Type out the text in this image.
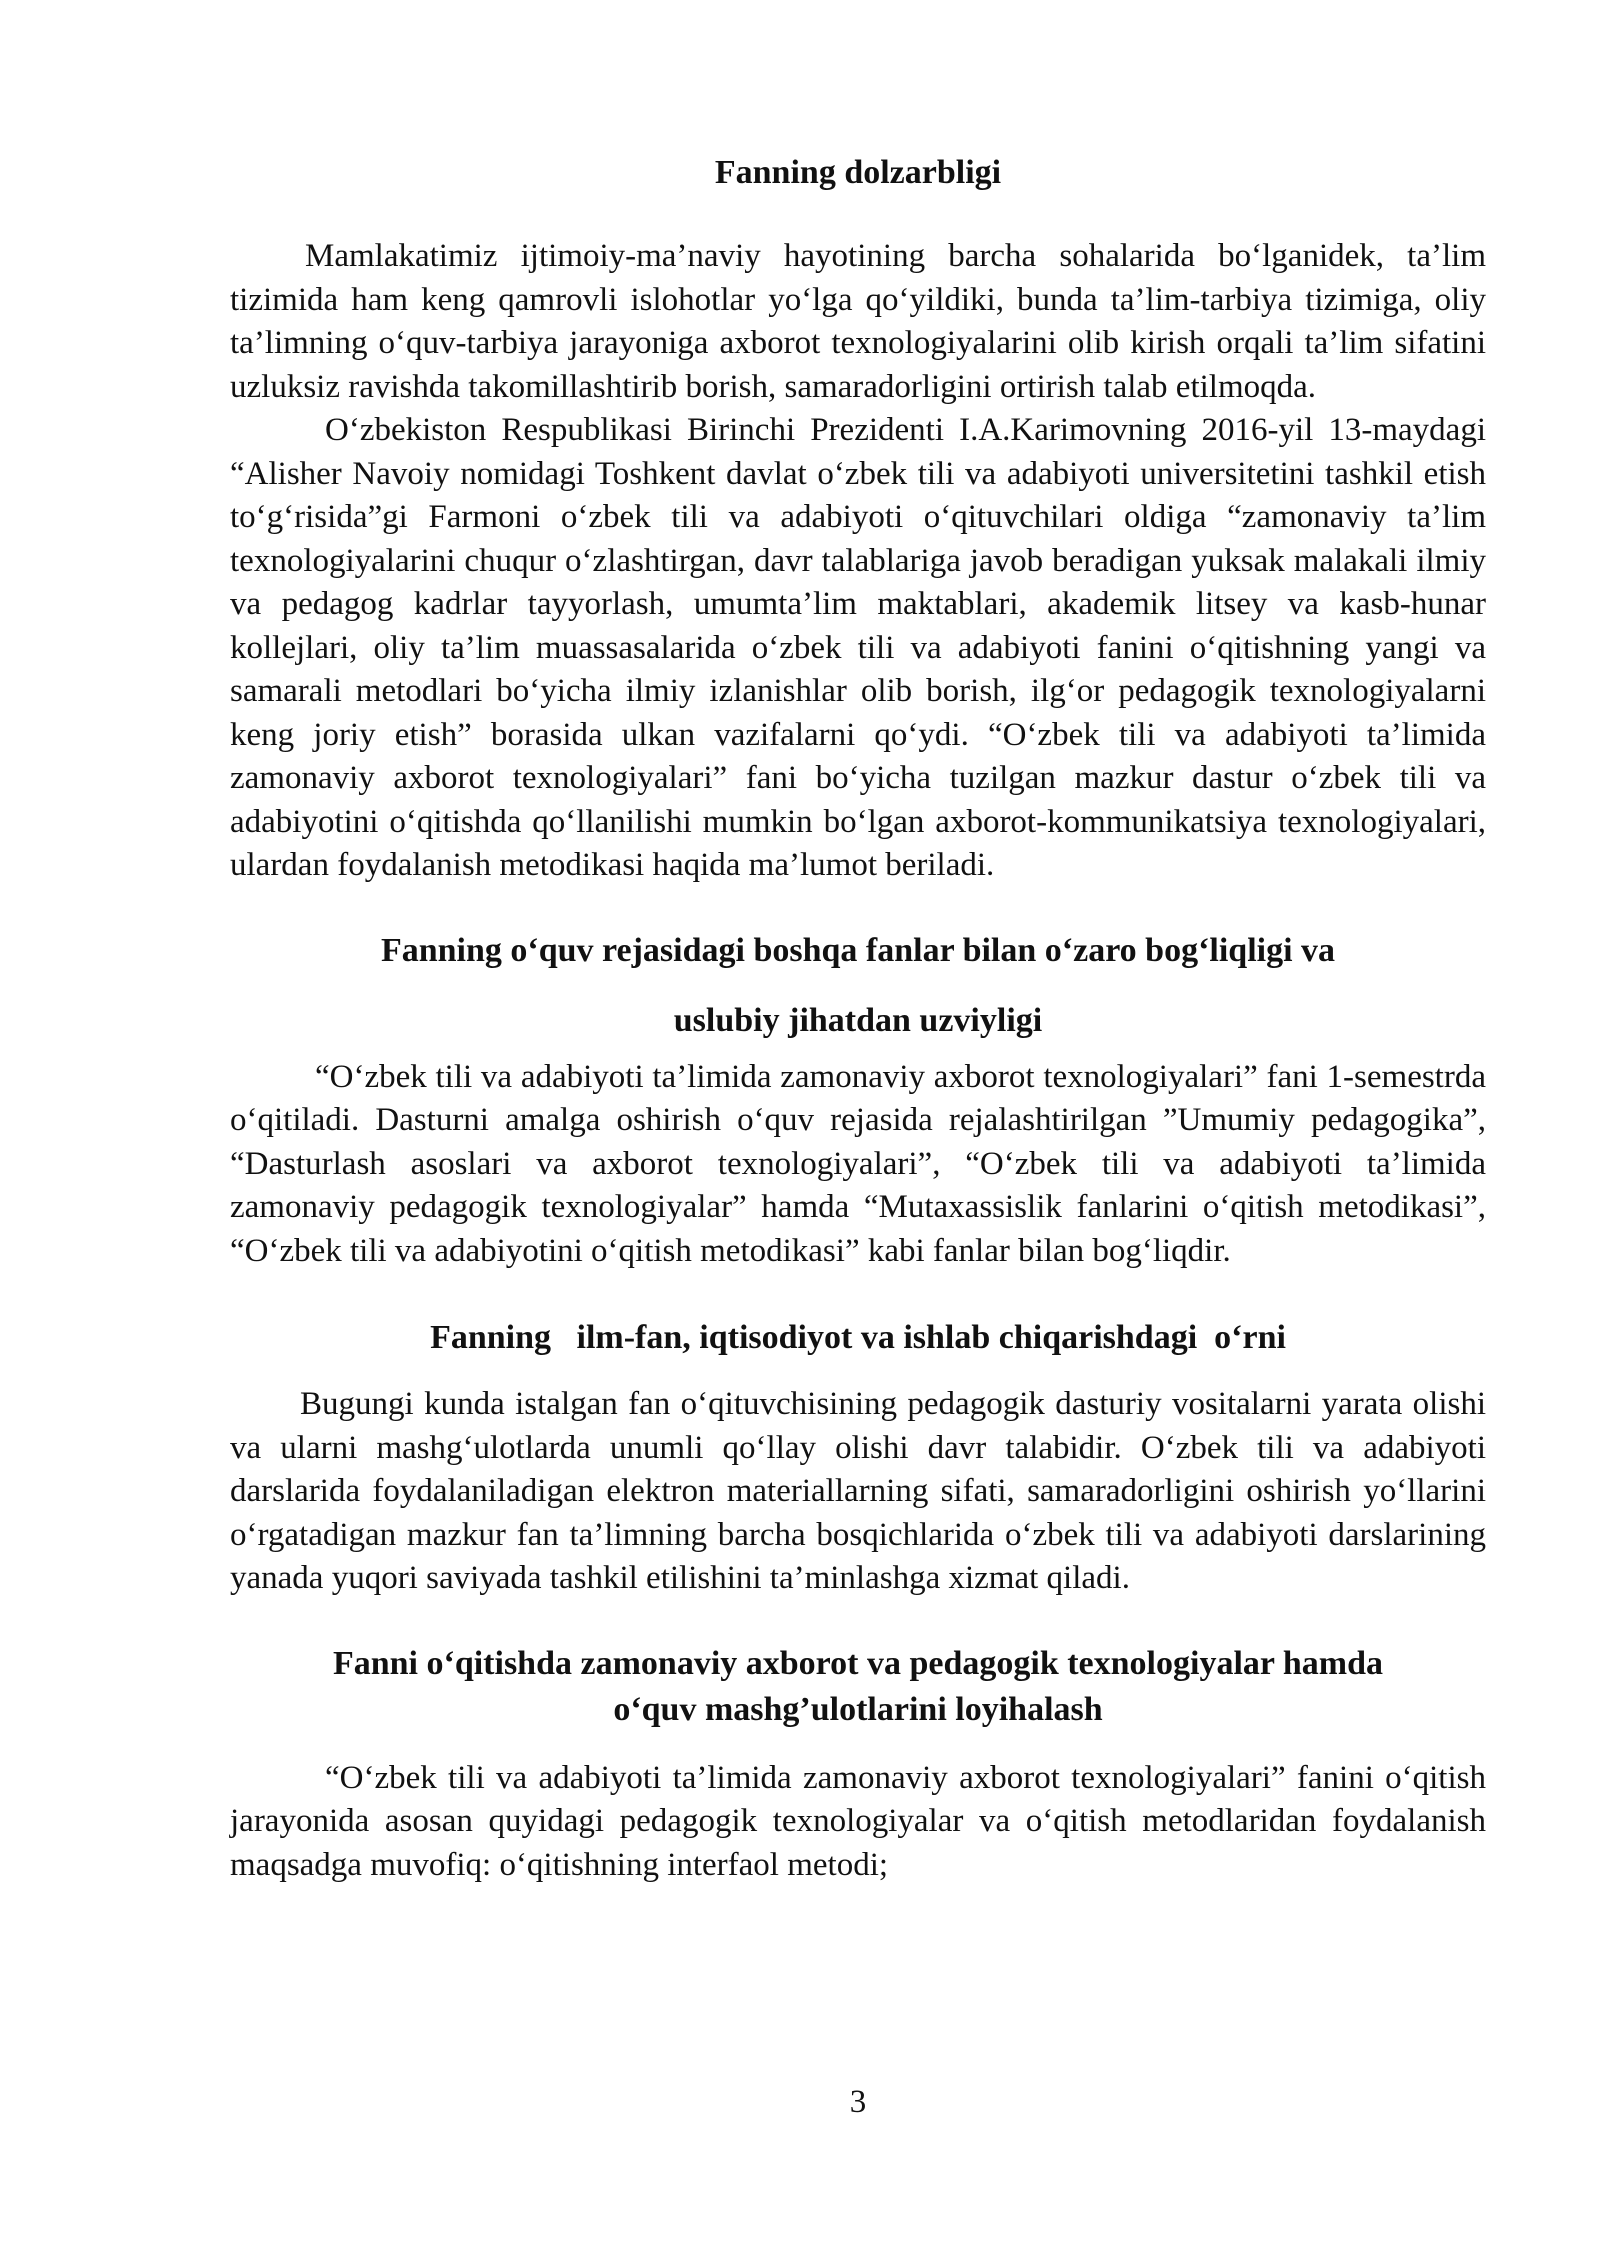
Fanning dolzarbligi

Mamlakatimiz ijtimoiy-ma’naviy hayotining barcha sohalarida bo‘lganidek, ta’lim tizimida ham keng qamrovli islohotlar yo‘lga qo‘yildiki, bunda ta’lim-tarbiya tizimiga, oliy ta’limning o‘quv-tarbiya jarayoniga axborot texnologiyalarini olib kirish orqali ta’lim sifatini uzluksiz ravishda takomillashtirib borish, samaradorligini ortirish talab etilmoqda.

O‘zbekiston Respublikasi Birinchi Prezidenti I.A.Karimovning 2016-yil 13-maydagi “Alisher Navoiy nomidagi Toshkent davlat o‘zbek tili va adabiyoti universitetini tashkil etish to‘g‘risida”gi Farmoni o‘zbek tili va adabiyoti o‘qituvchilari oldiga “zamonaviy ta’lim texnologiyalarini chuqur o‘zlashtirgan, davr talablariga javob beradigan yuksak malakali ilmiy va pedagog kadrlar tayyorlash, umumta’lim maktablari, akademik litsey va kasb-hunar kollejlari, oliy ta’lim muassasalarida o‘zbek tili va adabiyoti fanini o‘qitishning yangi va samarali metodlari bo‘yicha ilmiy izlanishlar olib borish, ilg‘or pedagogik texnologiyalarni keng joriy etish” borasida ulkan vazifalarni qo‘ydi. “O‘zbek tili va adabiyoti ta’limida zamonaviy axborot texnologiyalari” fani bo‘yicha tuzilgan mazkur dastur o‘zbek tili va adabiyotini o‘qitishda qo‘llanilishi mumkin bo‘lgan axborot-kommunikatsiya texnologiyalari, ulardan foydalanish metodikasi haqida ma’lumot beriladi.

Fanning o‘quv rejasidagi boshqa fanlar bilan o‘zaro bog‘liqligi va
uslubiy jihatdan uzviyligi

“O‘zbek tili va adabiyoti ta’limida zamonaviy axborot texnologiyalari” fani 1-semestrda o‘qitiladi. Dasturni amalga oshirish o‘quv rejasida rejalashtirilgan ”Umumiy pedagogika”, “Dasturlash asoslari va axborot texnologiyalari”, “O‘zbek tili va adabiyoti ta’limida zamonaviy pedagogik texnologiyalar” hamda “Mutaxassislik fanlarini o‘qitish metodikasi”, “O‘zbek tili va adabiyotini o‘qitish metodikasi” kabi fanlar bilan bog‘liqdir.

Fanning   ilm-fan, iqtisodiyot va ishlab chiqarishdagi  o‘rni

Bugungi kunda istalgan fan o‘qituvchisining pedagogik dasturiy vositalarni yarata olishi va ularni mashg‘ulotlarda unumli qo‘llay olishi davr talabidir. O‘zbek tili va adabiyoti darslarida foydalaniladigan elektron materiallarning sifati, samaradorligini oshirish yo‘llarini o‘rgatadigan mazkur fan ta’limning barcha bosqichlarida o‘zbek tili va adabiyoti darslarining yanada yuqori saviyada tashkil etilishini ta’minlashga xizmat qiladi.

Fanni o‘qitishda zamonaviy axborot va pedagogik texnologiyalar hamda
o‘quv mashg’ulotlarini loyihalash

“O‘zbek tili va adabiyoti ta’limida zamonaviy axborot texnologiyalari” fanini o‘qitish jarayonida asosan quyidagi pedagogik texnologiyalar va o‘qitish metodlaridan foydalanish maqsadga muvofiq: o‘qitishning interfaol metodi;

3
